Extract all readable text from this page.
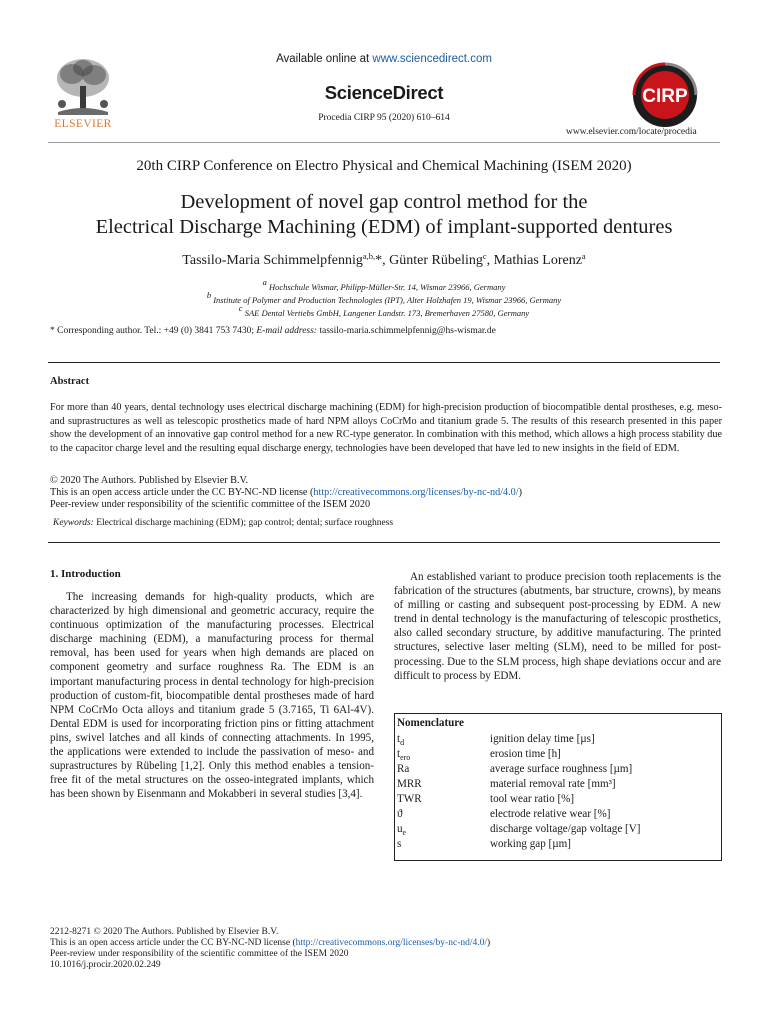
ELSEVIER
Available online at www.sciencedirect.com
ScienceDirect
Procedia CIRP 95 (2020) 610–614
CIRP
www.elsevier.com/locate/procedia
20th CIRP Conference on Electro Physical and Chemical Machining (ISEM 2020)
Development of novel gap control method for the
Electrical Discharge Machining (EDM) of implant-supported dentures
Tassilo-Maria Schimmelpfennig$^{a,b,}$*, Günter Rübeling$^c$, Mathias Lorenz$^a$
$^a$ Hochschule Wismar, Philipp-Müller-Str. 14, Wismar 23966, Germany
$^b$ Institute of Polymer and Production Technologies (IPT), Alter Holzhafen 19, Wismar 23966, Germany
$^c$ SAE Dental Vertiebs GmbH, Langener Landstr. 173, Bremerhaven 27580, Germany
* Corresponding author. Tel.: +49 (0) 3841 753 7430; E-mail address: tassilo-maria.schimmelpfennig@hs-wismar.de
Abstract
For more than 40 years, dental technology uses electrical discharge machining (EDM) for high-precision production of biocompatible dental prostheses, e.g. meso- and suprastructures as well as telescopic prosthetics made of hard NPM alloys CoCrMo and titanium grade 5. The results of this research presented in this paper show the development of an innovative gap control method for a new RC-type generator. In combination with this method, which allows a high process stability due to the capacitor charge level and the resulting equal discharge energy, technologies have been developed that have led to new insights in the field of EDM.
© 2020 The Authors. Published by Elsevier B.V.
This is an open access article under the CC BY-NC-ND license (http://creativecommons.org/licenses/by-nc-nd/4.0/)
Peer-review under responsibility of the scientific committee of the ISEM 2020
Keywords: Electrical discharge machining (EDM); gap control; dental; surface roughness
1. Introduction
The increasing demands for high-quality products, which are characterized by high dimensional and geometric accuracy, require the continuous optimization of the manufacturing processes. Electrical discharge machining (EDM), a manufacturing process for thermal removal, has been used for years when high demands are placed on component geometry and surface roughness Ra. The EDM is an important manufacturing process in dental technology for high-precision production of custom-fit, biocompatible dental prostheses made of hard NPM CoCrMo Octa alloys and titanium grade 5 (3.7165, Ti 6Al-4V). Dental EDM is used for incorporating friction pins or fitting attachment pins, swivel latches and all kinds of connecting attachments. In 1995, the applications were extended to include the passivation of meso- and suprastructures by Rübeling [1,2]. Only this method enables a tension-free fit of the metal structures on the osseo-integrated implants, which has been shown by Eisenmann and Mokabberi in several studies [3,4].
An established variant to produce precision tooth replacements is the fabrication of the structures (abutments, bar structure, crowns), by means of milling or casting and subsequent post-processing by EDM. A new trend in dental technology is the manufacturing of telescopic prosthetics, also called secondary structure, by additive manufacturing. The printed structures, selective laser melting (SLM), need to be milled for post-processing. Due to the SLM process, high shape deviations occur and are difficult to process by EDM.
Nomenclature
$t_d$	ignition delay time [µs]
$t_{ero}$	erosion time [h]
Ra	average surface roughness [µm]
MRR	material removal rate [mm³]
TWR	tool wear ratio [%]
ϑ	electrode relative wear [%]
$u_e$	discharge voltage/gap voltage [V]
s	working gap [µm]
2212-8271 © 2020 The Authors. Published by Elsevier B.V.
This is an open access article under the CC BY-NC-ND license (http://creativecommons.org/licenses/by-nc-nd/4.0/)
Peer-review under responsibility of the scientific committee of the ISEM 2020
10.1016/j.procir.2020.02.249
